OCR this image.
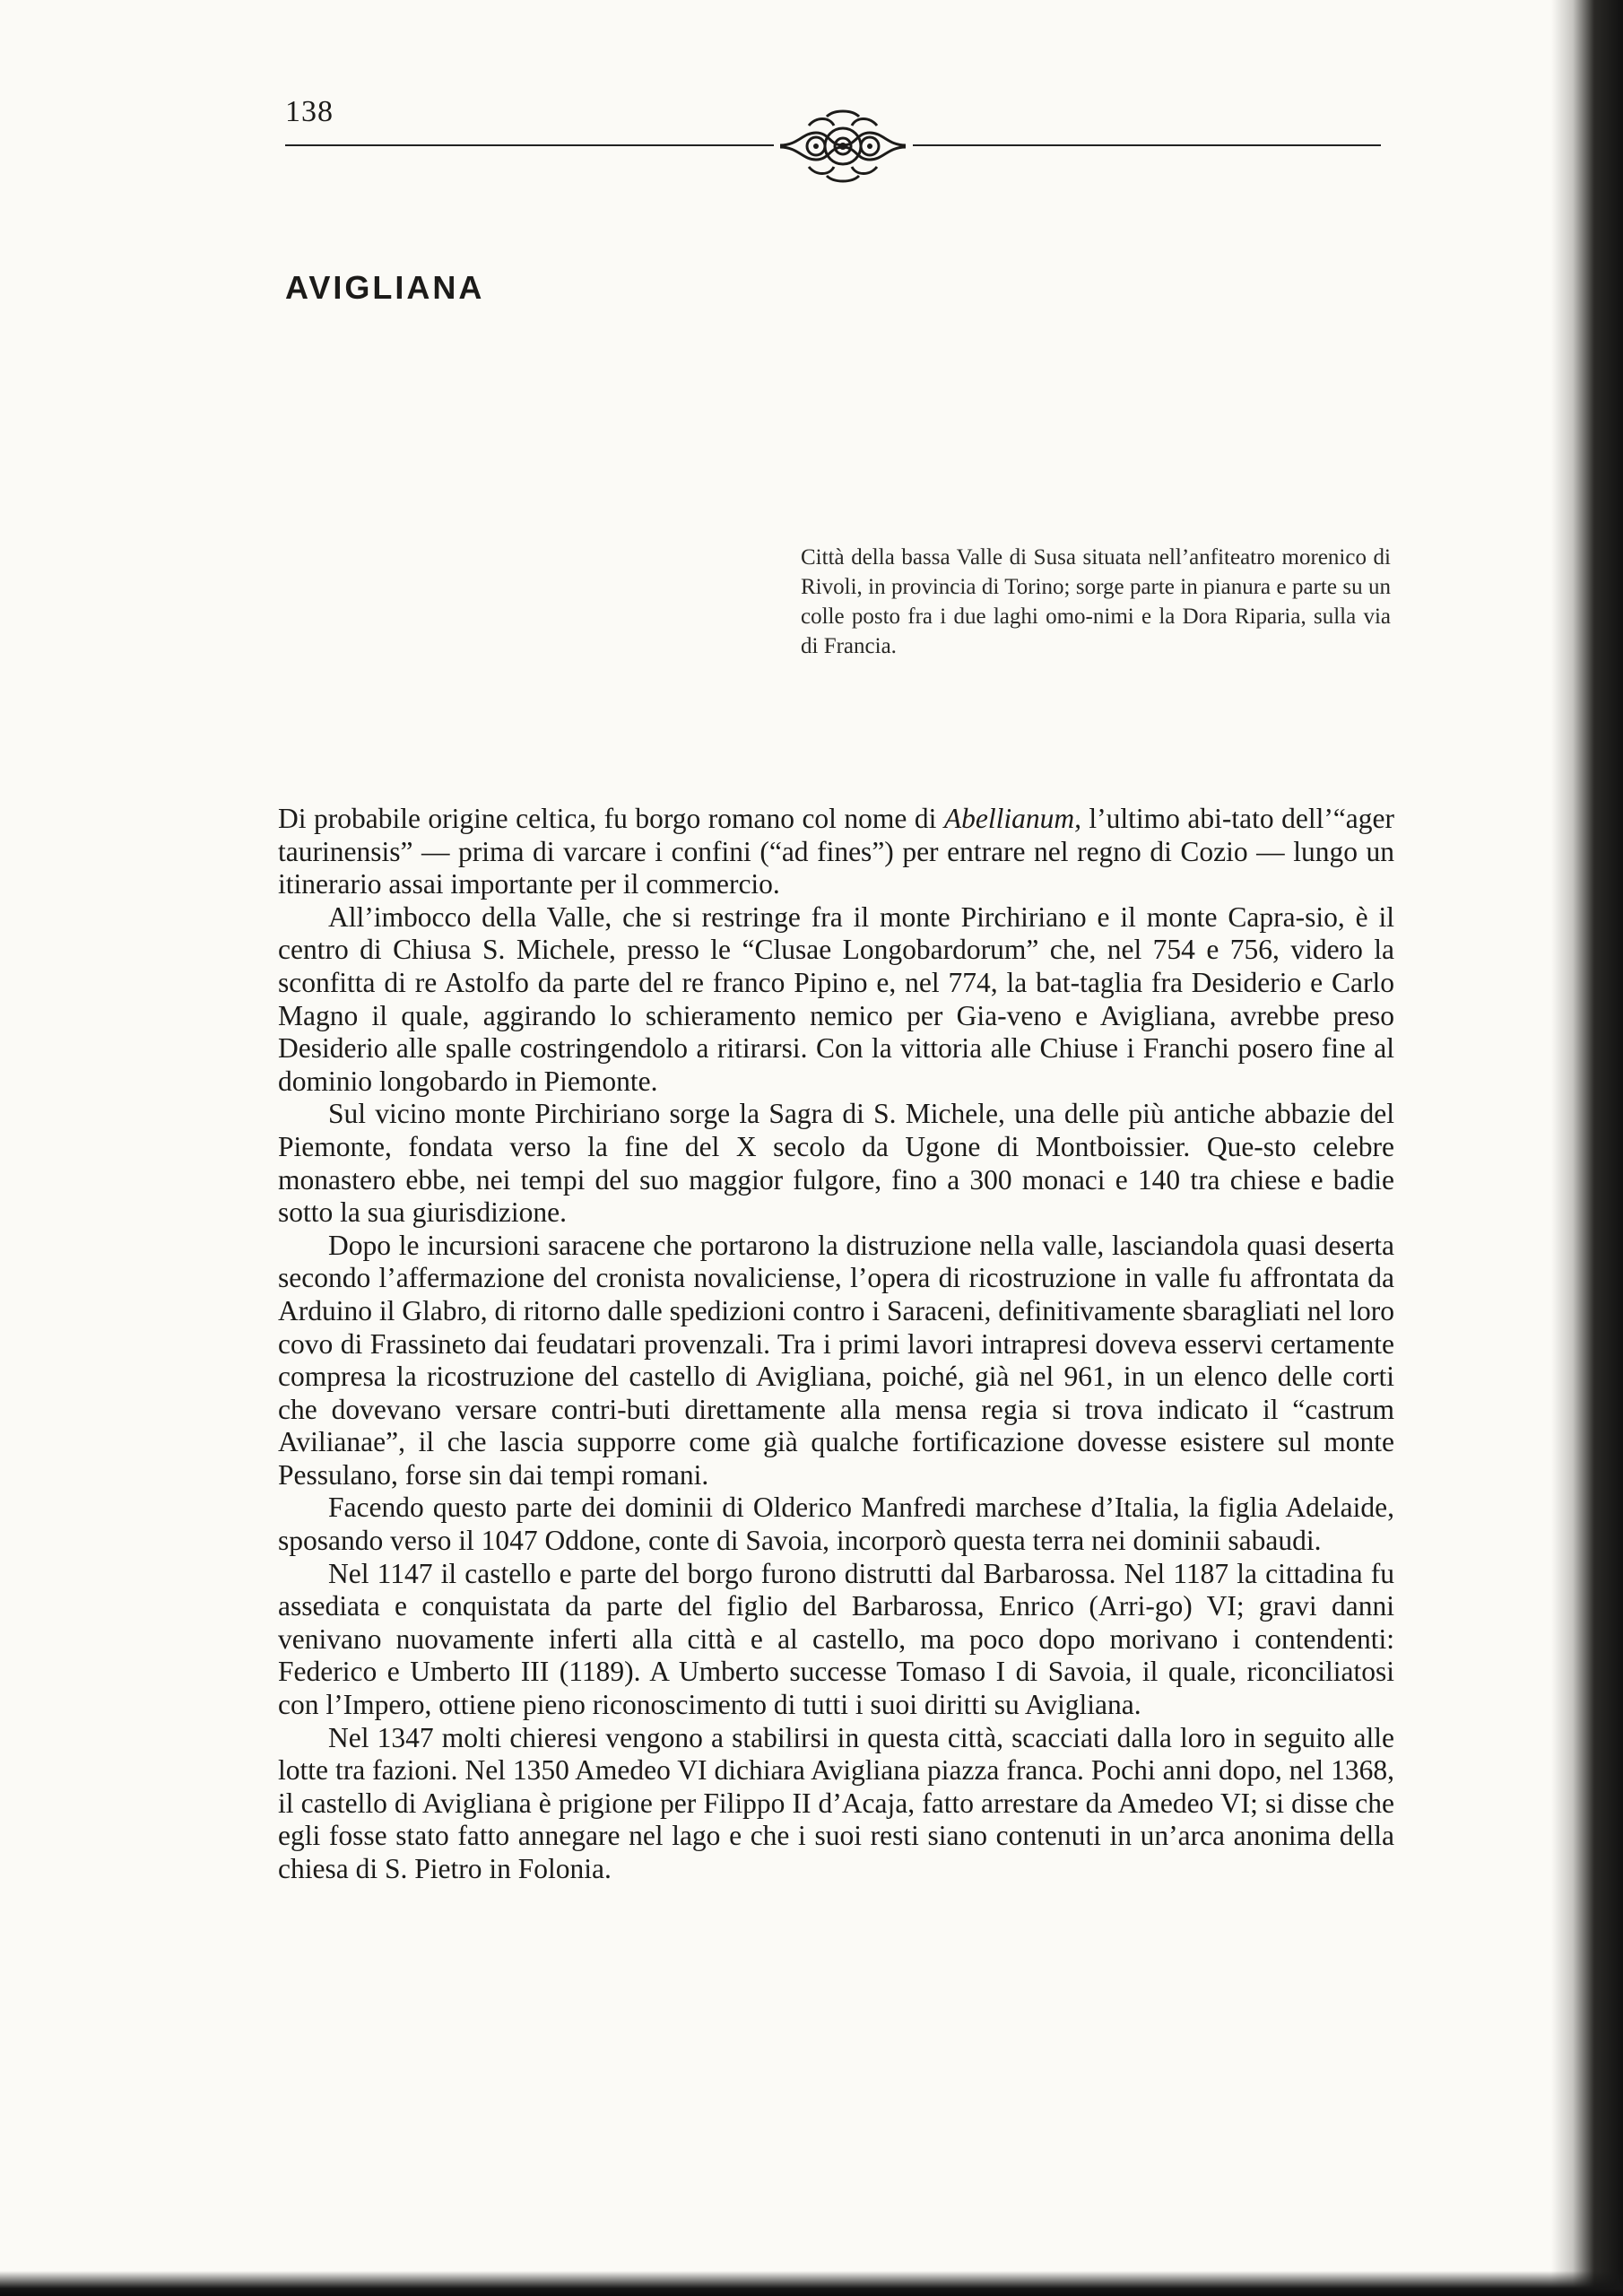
138
AVIGLIANA

Città della bassa Valle di Susa situata nell’anfiteatro morenico di Rivoli, in provincia di Torino; sorge parte in pianura e parte su un colle posto fra i due laghi omo-nimi e la Dora Riparia, sulla via di Francia.

Di probabile origine celtica, fu borgo romano col nome di Abellianum, l’ultimo abi-tato dell’“ager taurinensis” — prima di varcare i confini (“ad fines”) per entrare nel regno di Cozio — lungo un itinerario assai importante per il commercio.

All’imbocco della Valle, che si restringe fra il monte Pirchiriano e il monte Capra-sio, è il centro di Chiusa S. Michele, presso le “Clusae Longobardorum” che, nel 754 e 756, videro la sconfitta di re Astolfo da parte del re franco Pipino e, nel 774, la bat-taglia fra Desiderio e Carlo Magno il quale, aggirando lo schieramento nemico per Gia-veno e Avigliana, avrebbe preso Desiderio alle spalle costringendolo a ritirarsi. Con la vittoria alle Chiuse i Franchi posero fine al dominio longobardo in Piemonte.

Sul vicino monte Pirchiriano sorge la Sagra di S. Michele, una delle più antiche abbazie del Piemonte, fondata verso la fine del X secolo da Ugone di Montboissier. Que-sto celebre monastero ebbe, nei tempi del suo maggior fulgore, fino a 300 monaci e 140 tra chiese e badie sotto la sua giurisdizione.

Dopo le incursioni saracene che portarono la distruzione nella valle, lasciandola quasi deserta secondo l’affermazione del cronista novaliciense, l’opera di ricostruzione in valle fu affrontata da Arduino il Glabro, di ritorno dalle spedizioni contro i Saraceni, definitivamente sbaragliati nel loro covo di Frassineto dai feudatari provenzali. Tra i primi lavori intrapresi doveva esservi certamente compresa la ricostruzione del castello di Avigliana, poiché, già nel 961, in un elenco delle corti che dovevano versare contri-buti direttamente alla mensa regia si trova indicato il “castrum Avilianae”, il che lascia supporre come già qualche fortificazione dovesse esistere sul monte Pessulano, forse sin dai tempi romani.

Facendo questo parte dei dominii di Olderico Manfredi marchese d’Italia, la figlia Adelaide, sposando verso il 1047 Oddone, conte di Savoia, incorporò questa terra nei dominii sabaudi.

Nel 1147 il castello e parte del borgo furono distrutti dal Barbarossa. Nel 1187 la cittadina fu assediata e conquistata da parte del figlio del Barbarossa, Enrico (Arri-go) VI; gravi danni venivano nuovamente inferti alla città e al castello, ma poco dopo morivano i contendenti: Federico e Umberto III (1189). A Umberto successe Tomaso I di Savoia, il quale, riconciliatosi con l’Impero, ottiene pieno riconoscimento di tutti i suoi diritti su Avigliana.

Nel 1347 molti chieresi vengono a stabilirsi in questa città, scacciati dalla loro in seguito alle lotte tra fazioni. Nel 1350 Amedeo VI dichiara Avigliana piazza franca. Pochi anni dopo, nel 1368, il castello di Avigliana è prigione per Filippo II d’Acaja, fatto arrestare da Amedeo VI; si disse che egli fosse stato fatto annegare nel lago e che i suoi resti siano contenuti in un’arca anonima della chiesa di S. Pietro in Folonia.
